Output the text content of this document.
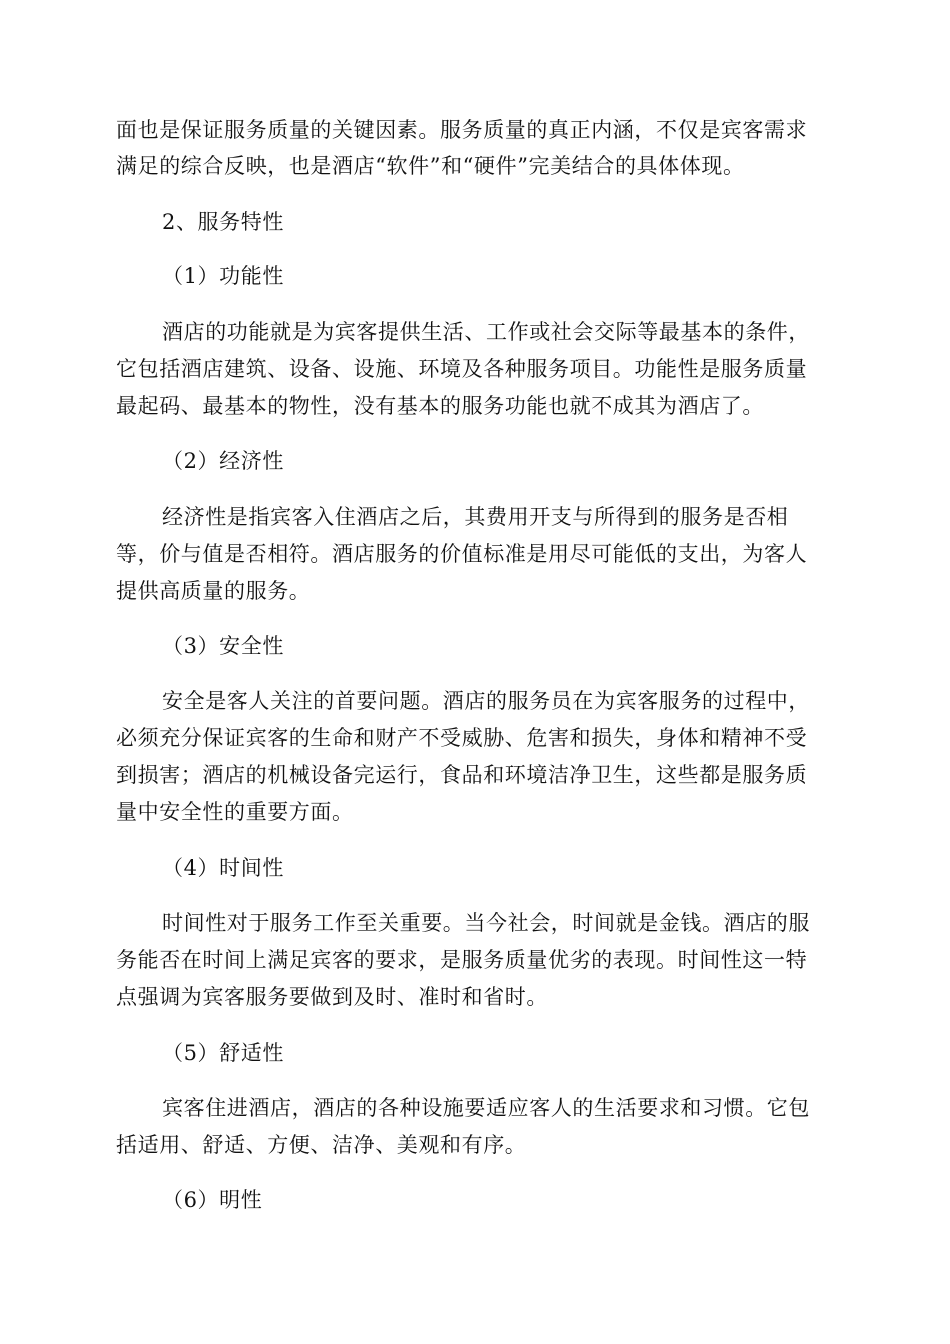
面也是保证服务质量的关键因素。服务质量的真正内涵，不仅是宾客需求
满足的综合反映，也是酒店“软件”和“硬件”完美结合的具体体现。
2、服务特性
（1）功能性
酒店的功能就是为宾客提供生活、工作或社会交际等最基本的条件，
它包括酒店建筑、设备、设施、环境及各种服务项目。功能性是服务质量
最起码、最基本的物性，没有基本的服务功能也就不成其为酒店了。
（2）经济性
经济性是指宾客入住酒店之后，其费用开支与所得到的服务是否相
等，价与值是否相符。酒店服务的价值标准是用尽可能低的支出，为客人
提供高质量的服务。
（3）安全性
安全是客人关注的首要问题。酒店的服务员在为宾客服务的过程中，
必须充分保证宾客的生命和财产不受威胁、危害和损失，身体和精神不受
到损害；酒店的机械设备完运行，食品和环境洁净卫生，这些都是服务质
量中安全性的重要方面。
（4）时间性
时间性对于服务工作至关重要。当今社会，时间就是金钱。酒店的服
务能否在时间上满足宾客的要求，是服务质量优劣的表现。时间性这一特
点强调为宾客服务要做到及时、准时和省时。
（5）舒适性
宾客住进酒店，酒店的各种设施要适应客人的生活要求和习惯。它包
括适用、舒适、方便、洁净、美观和有序。
（6）明性
